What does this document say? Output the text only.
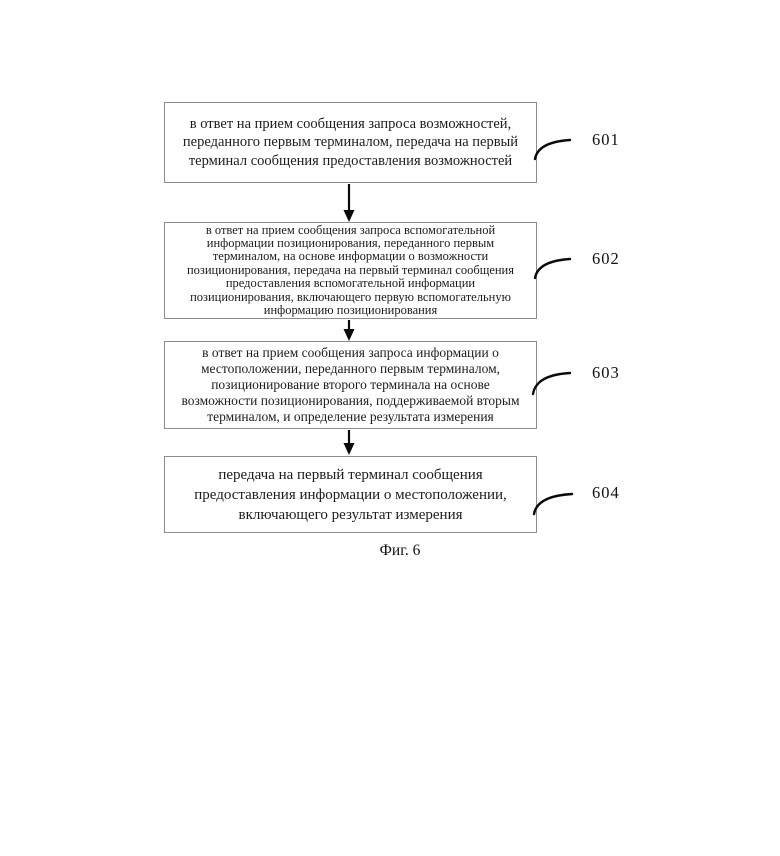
в ответ на прием сообщения запроса возможностей, переданного первым терминалом, передача на первый терминал сообщения предоставления возможностей
в ответ на прием сообщения запроса вспомогательной информации позиционирования, переданного первым терминалом, на основе информации о возможности позиционирования, передача на первый терминал сообщения предоставления вспомогательной информации позиционирования, включающего первую вспомогательную информацию позиционирования
в ответ на прием сообщения запроса информации о местоположении, переданного первым терминалом, позиционирование второго терминала на основе возможности позиционирования, поддерживаемой вторым терминалом, и определение результата измерения
передача на первый терминал сообщения предоставления информации о местоположении, включающего результат измерения
601
602
603
604
Фиг. 6
